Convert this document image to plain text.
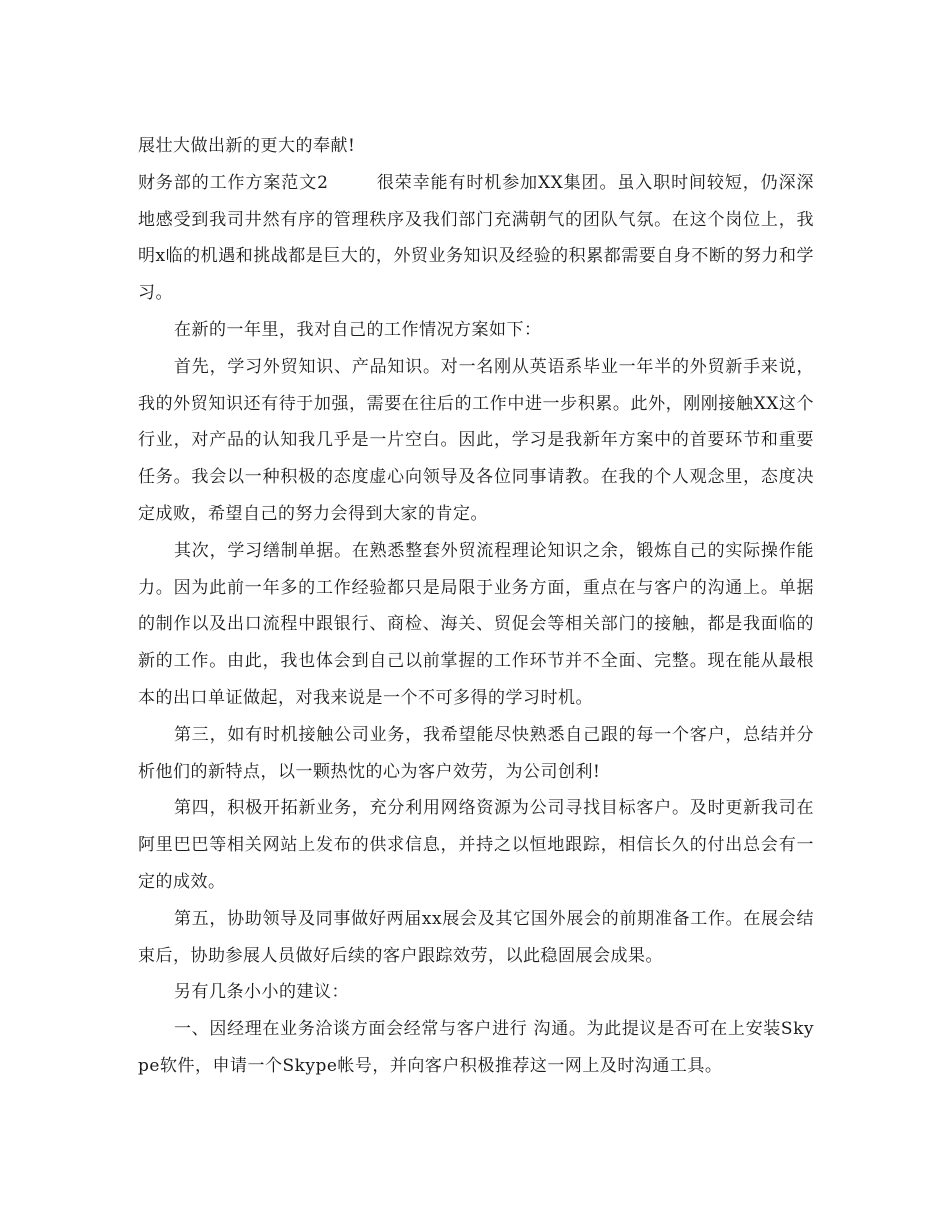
展壮大做出新的更大的奉献!

财务部的工作方案范文2	很荣幸能有时机参加XX集团。虽入职时间较短，仍深深地感受到我司井然有序的管理秩序及我们部门充满朝气的团队气氛。在这个岗位上，我明x临的机遇和挑战都是巨大的，外贸业务知识及经验的积累都需要自身不断的努力和学习。

在新的一年里，我对自己的工作情况方案如下：

首先，学习外贸知识、产品知识。对一名刚从英语系毕业一年半的外贸新手来说，我的外贸知识还有待于加强，需要在往后的工作中进一步积累。此外，刚刚接触XX这个行业，对产品的认知我几乎是一片空白。因此，学习是我新年方案中的首要环节和重要任务。我会以一种积极的态度虚心向领导及各位同事请教。在我的个人观念里，态度决定成败，希望自己的努力会得到大家的肯定。

其次，学习缮制单据。在熟悉整套外贸流程理论知识之余，锻炼自己的实际操作能力。因为此前一年多的工作经验都只是局限于业务方面，重点在与客户的沟通上。单据的制作以及出口流程中跟银行、商检、海关、贸促会等相关部门的接触，都是我面临的新的工作。由此，我也体会到自己以前掌握的工作环节并不全面、完整。现在能从最根本的出口单证做起，对我来说是一个不可多得的学习时机。

第三，如有时机接触公司业务，我希望能尽快熟悉自己跟的每一个客户，总结并分析他们的新特点，以一颗热忱的心为客户效劳，为公司创利!

第四，积极开拓新业务，充分利用网络资源为公司寻找目标客户。及时更新我司在阿里巴巴等相关网站上发布的供求信息，并持之以恒地跟踪，相信长久的付出总会有一定的成效。

第五，协助领导及同事做好两届xx展会及其它国外展会的前期准备工作。在展会结束后，协助参展人员做好后续的客户跟踪效劳，以此稳固展会成果。

另有几条小小的建议：

一、因经理在业务洽谈方面会经常与客户进行 沟通。为此提议是否可在上安装Skype软件，申请一个Skype帐号，并向客户积极推荐这一网上及时沟通工具。
